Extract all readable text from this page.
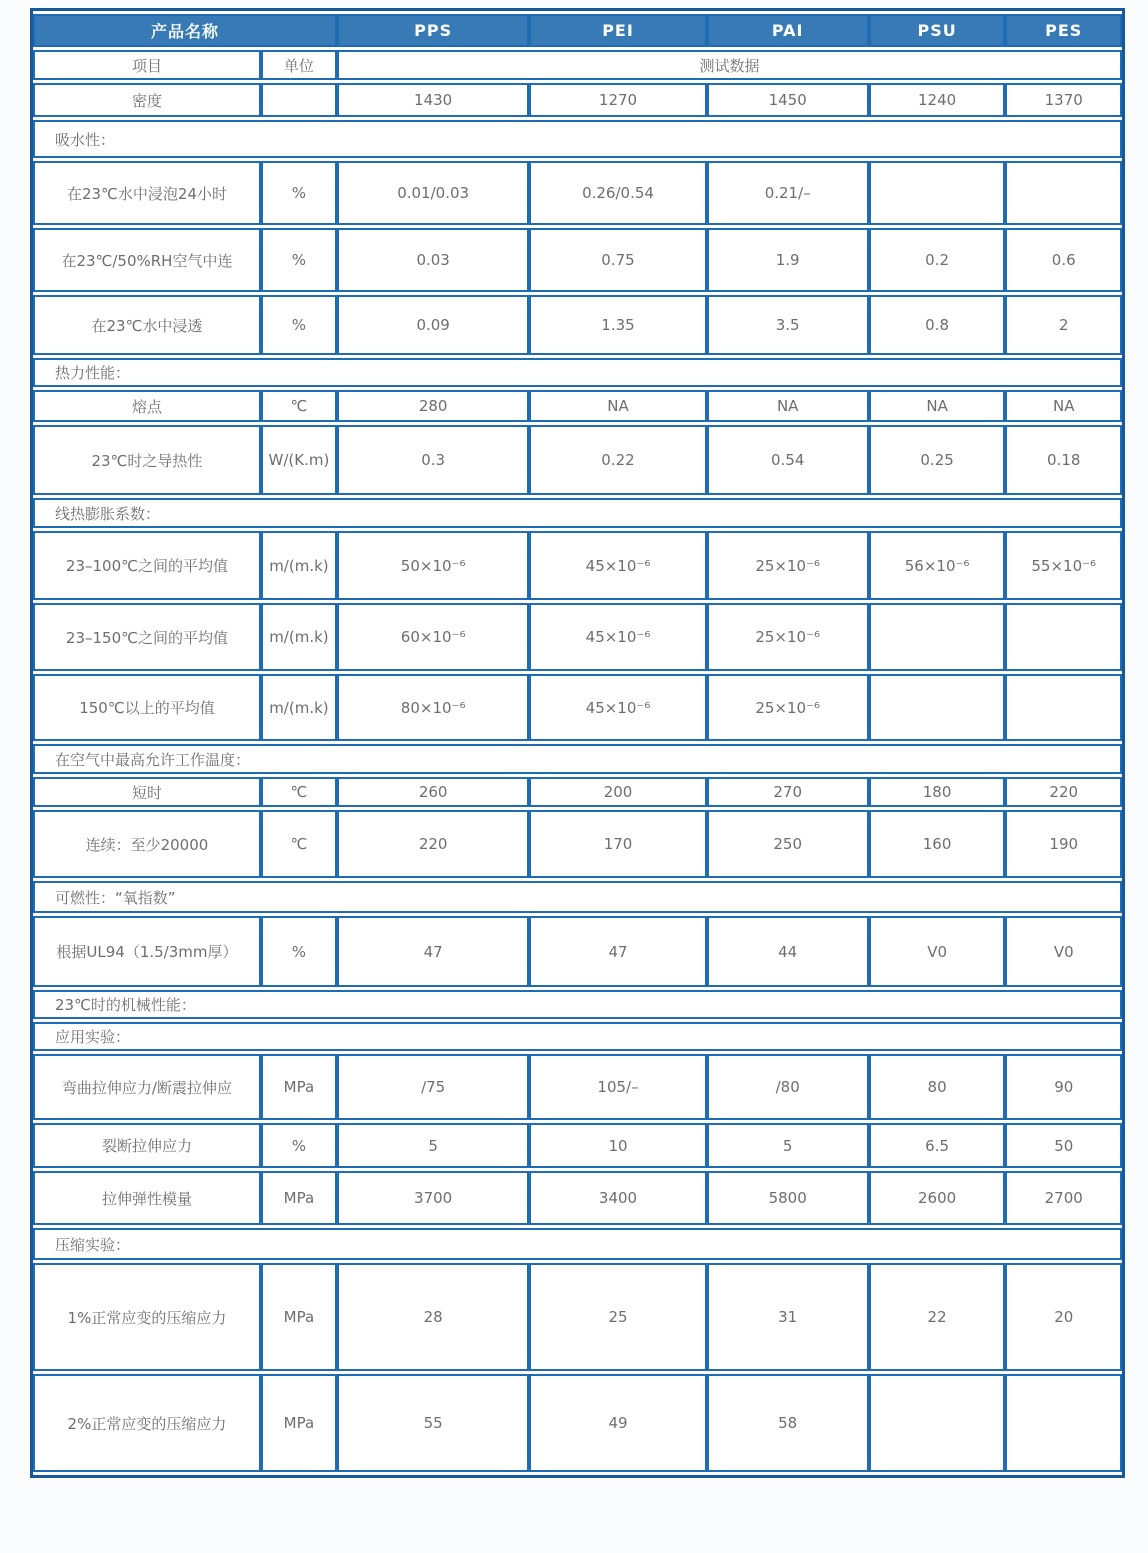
产品名称		PPS	PEI	PAI	PSU	PES
项目	单位	测试数据				
密度		1430	1270	1450	1240	1370
吸水性：						
在23℃水中浸泡24小时	%	0.01/0.03	0.26/0.54	0.21/–		
在23℃/50%RH空气中连	%	0.03	0.75	1.9	0.2	0.6
在23℃水中浸透	%	0.09	1.35	3.5	0.8	2
热力性能：						
熔点	℃	280	NA	NA	NA	NA
23℃时之导热性	W/(K.m)	0.3	0.22	0.54	0.25	0.18
线热膨胀系数：						
23–100℃之间的平均值	m/(m.k)	50×10⁻⁶	45×10⁻⁶	25×10⁻⁶	56×10⁻⁶	55×10⁻⁶
23–150℃之间的平均值	m/(m.k)	60×10⁻⁶	45×10⁻⁶	25×10⁻⁶		
150℃以上的平均值	m/(m.k)	80×10⁻⁶	45×10⁻⁶	25×10⁻⁶		
在空气中最高允许工作温度：						
短时	℃	260	200	270	180	220
连续：至少20000	℃	220	170	250	160	190
可燃性：“氧指数”						
根据UL94（1.5/3mm厚）	%	47	47	44	V0	V0
23℃时的机械性能：						
应用实验：						
弯曲拉伸应力/断震拉伸应	MPa	/75	105/–	/80	80	90
裂断拉伸应力	%	5	10	5	6.5	50
拉伸弹性模量	MPa	3700	3400	5800	2600	2700
压缩实验：						
1%正常应变的压缩应力	MPa	28	25	31	22	20
2%正常应变的压缩应力	MPa	55	49	58		
